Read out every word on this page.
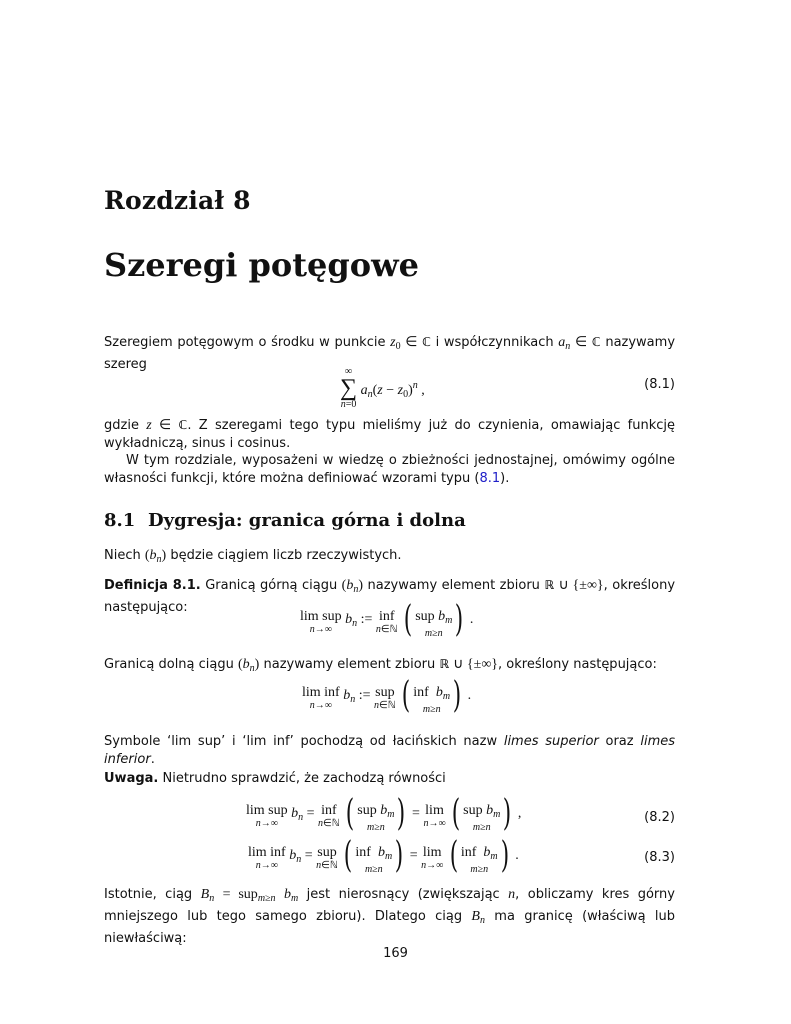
Rozdział 8
Szeregi potęgowe

Szeregiem potęgowym o środku w punkcie $z_0$ ∈ ℂ i współczynnikach $a_n$ ∈ ℂ nazywamy szereg	∞
∑
n=0
$a_n(z - z_0)^n$ ,	(8.1)

gdzie z ∈ ℂ. Z szeregami tego typu mieliśmy już do czynienia, omawiając funkcję wykładniczą, sinus i cosinus.

W tym rozdziale, wyposażeni w wiedzę o zbieżności jednostajnej, omówimy ogólne własności funkcji, które można definiować wzorami typu (8.1).

8.1 Dygresja: granica górna i dolna

Niech $(b_n)$ będzie ciągiem liczb rzeczywistych.

Definicja 8.1. Granicą górną ciągu $(b_n)$ nazywamy element zbioru ℝ ∪ {±∞}, określony następująco:

lim sup
n→∞
$b_n$ := inf
n∈ℕ ( sup $b_m$
m≥n ) .

Granicą dolną ciągu $(b_n)$ nazywamy element zbioru ℝ ∪ {±∞}, określony następująco:

lim inf
n→∞
$b_n$ := sup
n∈ℕ ( inf  $b_m$
m≥n ) .

Symbole ‘lim sup’ i ‘lim inf’ pochodzą od łacińskich nazw limes superior oraz limes inferior.

Uwaga. Nietrudno sprawdzić, że zachodzą równości

lim sup
n→∞
$b_n$ = inf
n∈ℕ ( sup $b_m$
m≥n ) = lim
n→∞ ( sup $b_m$
m≥n ) ,	(8.2)
lim inf
n→∞
$b_n$ = sup
n∈ℕ ( inf  $b_m$
m≥n ) = lim
n→∞ ( inf  $b_m$
m≥n ) .	(8.3)

Istotnie, ciąg $B_n = sup_{m\ge n}$ $b_m$ jest nierosnący (zwiększając n, obliczamy kres górny mniejszego lub tego samego zbioru). Dlatego ciąg $B_n$ ma granicę (właściwą lub niewłaściwą:

169
